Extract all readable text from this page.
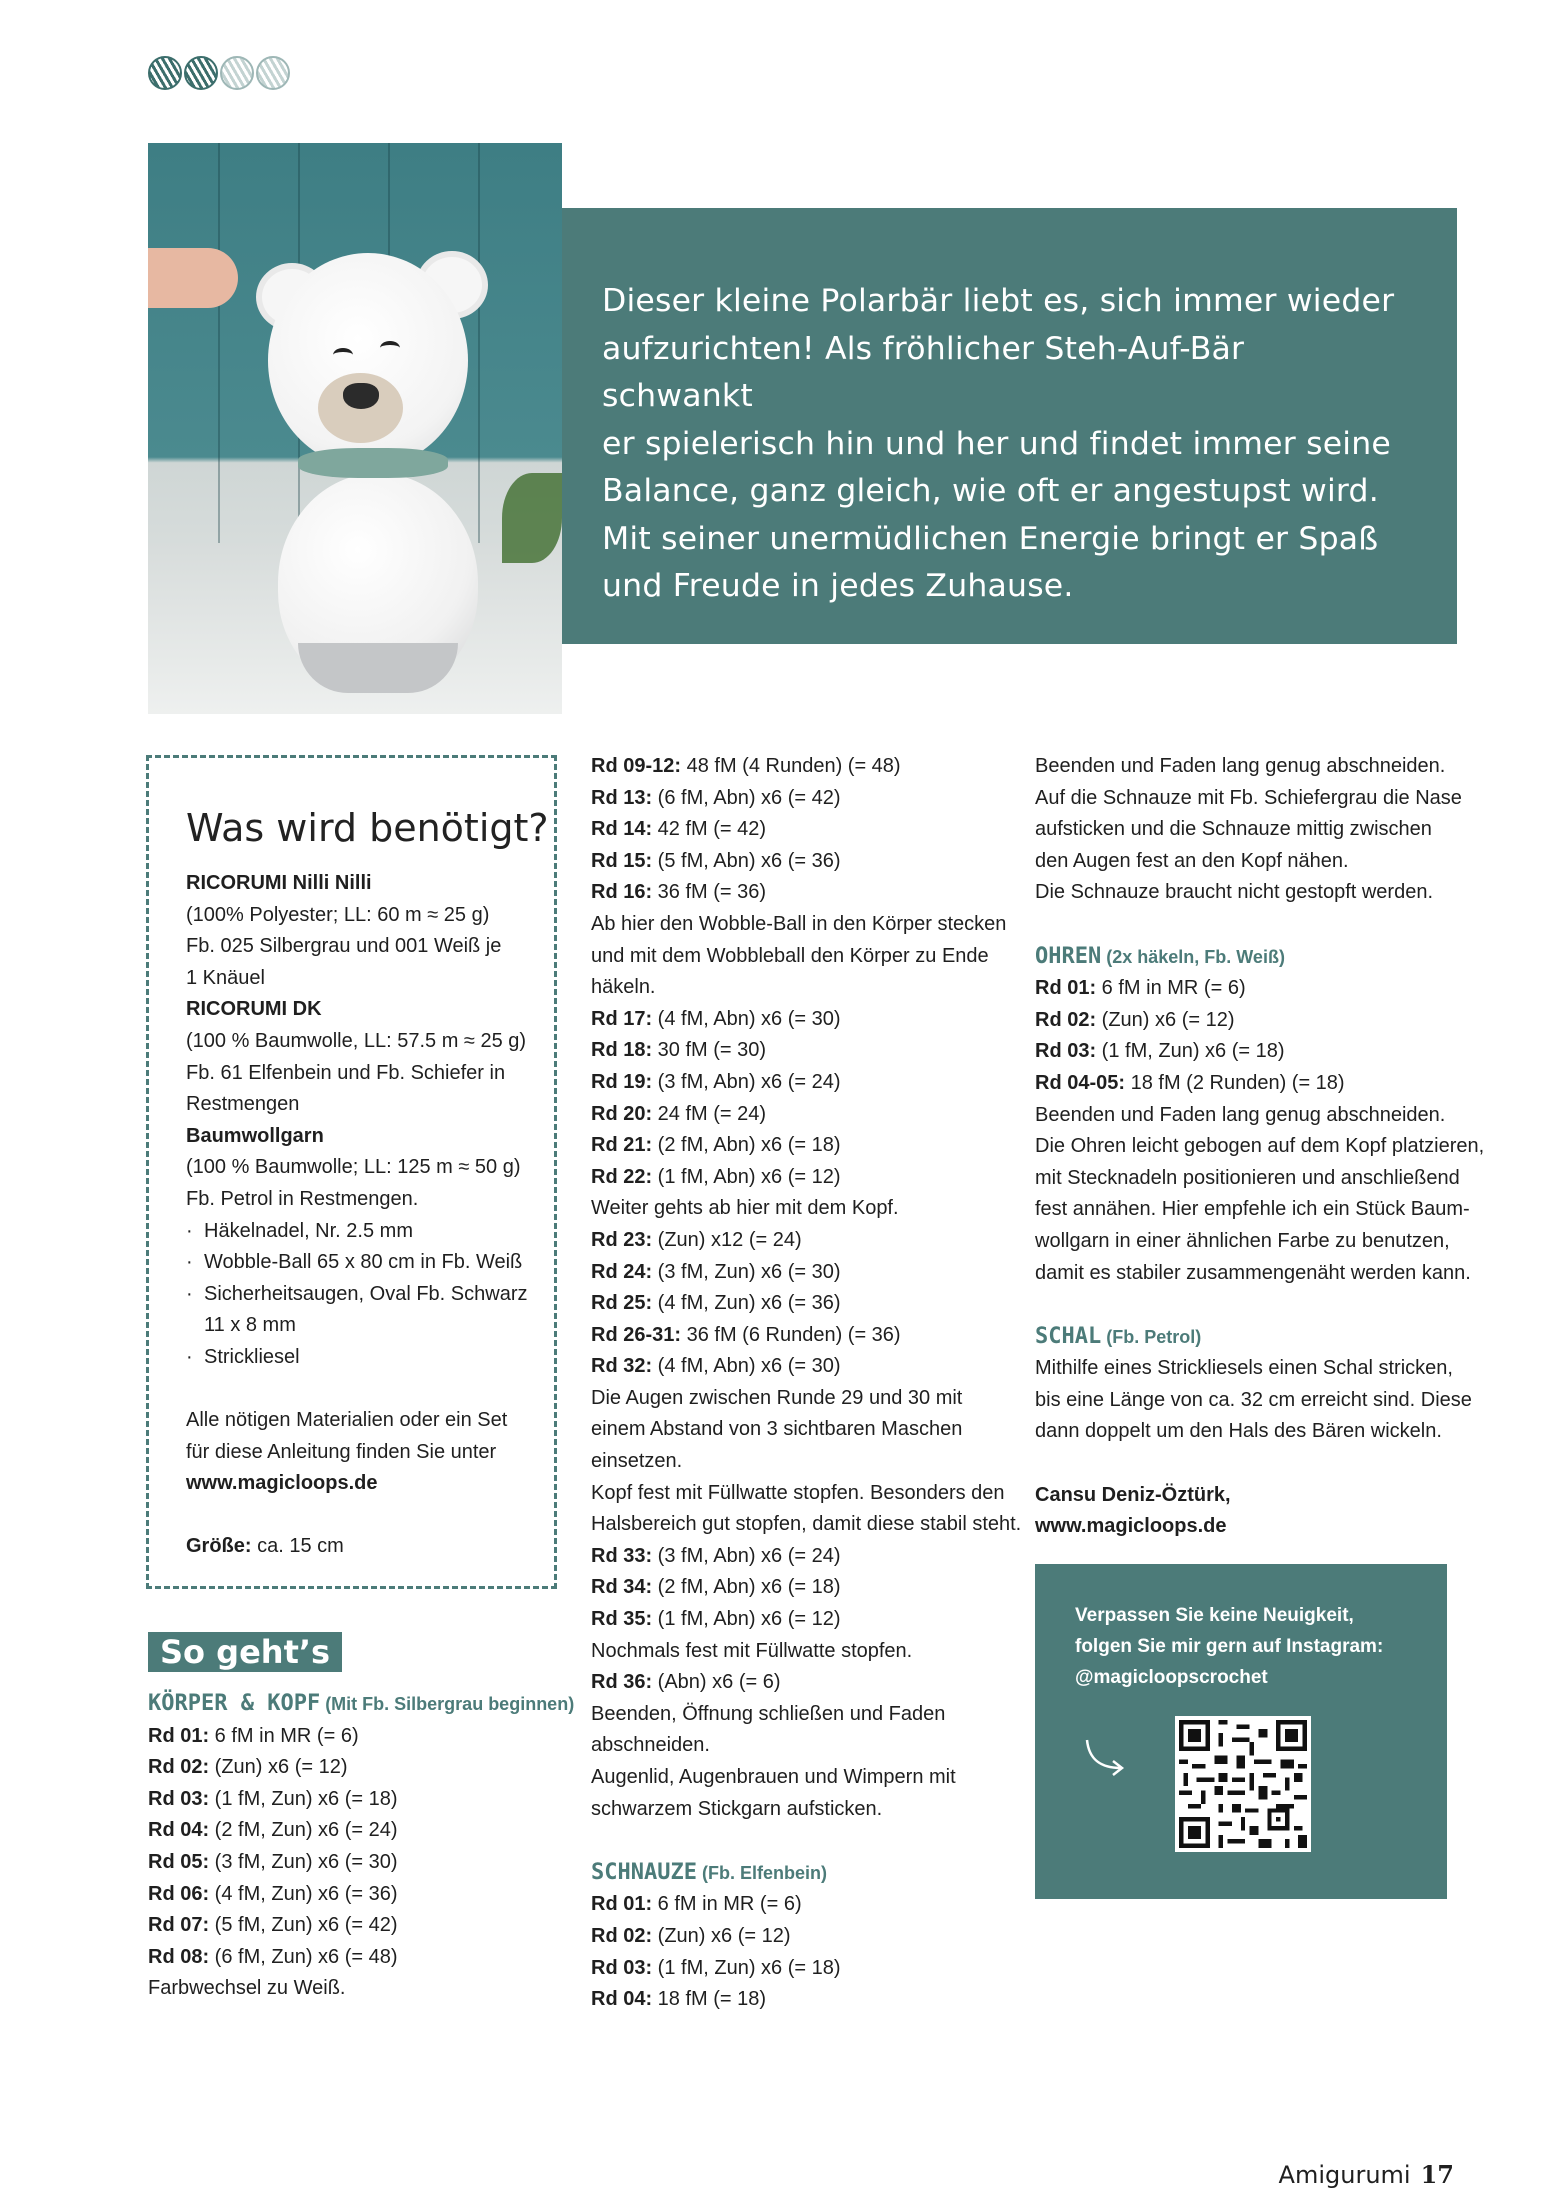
Dieser kleine Polarbär liebt es, sich immer wieder

aufzurichten! Als fröhlicher Steh-Auf-Bär schwankt

er spielerisch hin und her und findet immer seine

Balance, ganz gleich, wie oft er angestupst wird.

Mit seiner unermüdlichen Energie bringt er Spaß

und Freude in jedes Zuhause.

Was wird benötigt?
RICORUMI Nilli Nilli
(100% Polyester; LL: 60 m ≈ 25 g)
Fb. 025 Silbergrau und 001 Weiß je
1 Knäuel
RICORUMI DK
(100 % Baumwolle, LL: 57.5 m ≈ 25 g)
Fb. 61 Elfenbein und Fb. Schiefer in
Restmengen
Baumwollgarn
(100 % Baumwolle; LL: 125 m ≈ 50 g)
Fb. Petrol in Restmengen.
· Häkelnadel, Nr. 2.5 mm
· Wobble-Ball 65 x 80 cm in Fb. Weiß
· Sicherheitsaugen, Oval Fb. Schwarz
11 x 8 mm
· Strickliesel
Alle nötigen Materialien oder ein Set
für diese Anleitung finden Sie unter
www.magicloops.de
Größe: ca. 15 cm
So geht’s
KÖRPER & KOPF (Mit Fb. Silbergrau beginnen)
Rd 01: 6 fM in MR (= 6)
Rd 02: (Zun) x6 (= 12)
Rd 03: (1 fM, Zun) x6 (= 18)
Rd 04: (2 fM, Zun) x6 (= 24)
Rd 05: (3 fM, Zun) x6 (= 30)
Rd 06: (4 fM, Zun) x6 (= 36)
Rd 07: (5 fM, Zun) x6 (= 42)
Rd 08: (6 fM, Zun) x6 (= 48)
Farbwechsel zu Weiß.
Rd 09-12: 48 fM (4 Runden) (= 48)
Rd 13: (6 fM, Abn) x6 (= 42)
Rd 14: 42 fM (= 42)
Rd 15: (5 fM, Abn) x6 (= 36)
Rd 16: 36 fM (= 36)
Ab hier den Wobble-Ball in den Körper stecken
und mit dem Wobbleball den Körper zu Ende
häkeln.
Rd 17: (4 fM, Abn) x6 (= 30)
Rd 18: 30 fM (= 30)
Rd 19: (3 fM, Abn) x6 (= 24)
Rd 20: 24 fM (= 24)
Rd 21: (2 fM, Abn) x6 (= 18)
Rd 22: (1 fM, Abn) x6 (= 12)
Weiter gehts ab hier mit dem Kopf.
Rd 23: (Zun) x12 (= 24)
Rd 24: (3 fM, Zun) x6 (= 30)
Rd 25: (4 fM, Zun) x6 (= 36)
Rd 26-31: 36 fM (6 Runden) (= 36)
Rd 32: (4 fM, Abn) x6 (= 30)
Die Augen zwischen Runde 29 und 30 mit
einem Abstand von 3 sichtbaren Maschen
einsetzen.
Kopf fest mit Füllwatte stopfen. Besonders den
Halsbereich gut stopfen, damit diese stabil steht.
Rd 33: (3 fM, Abn) x6 (= 24)
Rd 34: (2 fM, Abn) x6 (= 18)
Rd 35: (1 fM, Abn) x6 (= 12)
Nochmals fest mit Füllwatte stopfen.
Rd 36: (Abn) x6 (= 6)
Beenden, Öffnung schließen und Faden
abschneiden.
Augenlid, Augenbrauen und Wimpern mit
schwarzem Stickgarn aufsticken.
SCHNAUZE (Fb. Elfenbein)
Rd 01: 6 fM in MR (= 6)
Rd 02: (Zun) x6 (= 12)
Rd 03: (1 fM, Zun) x6 (= 18)
Rd 04: 18 fM (= 18)
Beenden und Faden lang genug abschneiden.
Auf die Schnauze mit Fb. Schiefergrau die Nase
aufsticken und die Schnauze mittig zwischen
den Augen fest an den Kopf nähen.
Die Schnauze braucht nicht gestopft werden.
OHREN (2x häkeln, Fb. Weiß)
Rd 01: 6 fM in MR (= 6)
Rd 02: (Zun) x6 (= 12)
Rd 03: (1 fM, Zun) x6 (= 18)
Rd 04-05: 18 fM (2 Runden) (= 18)
Beenden und Faden lang genug abschneiden.
Die Ohren leicht gebogen auf dem Kopf platzieren,
mit Stecknadeln positionieren und anschließend
fest annähen. Hier empfehle ich ein Stück Baum-
wollgarn in einer ähnlichen Farbe zu benutzen,
damit es stabiler zusammengenäht werden kann.
SCHAL (Fb. Petrol)
Mithilfe eines Strickliesels einen Schal stricken,
bis eine Länge von ca. 32 cm erreicht sind. Diese
dann doppelt um den Hals des Bären wickeln.
Cansu Deniz-Öztürk,
www.magicloops.de
Verpassen Sie keine Neuigkeit,
folgen Sie mir gern auf Instagram:
@magicloopscrochet
Amigurumi 17
